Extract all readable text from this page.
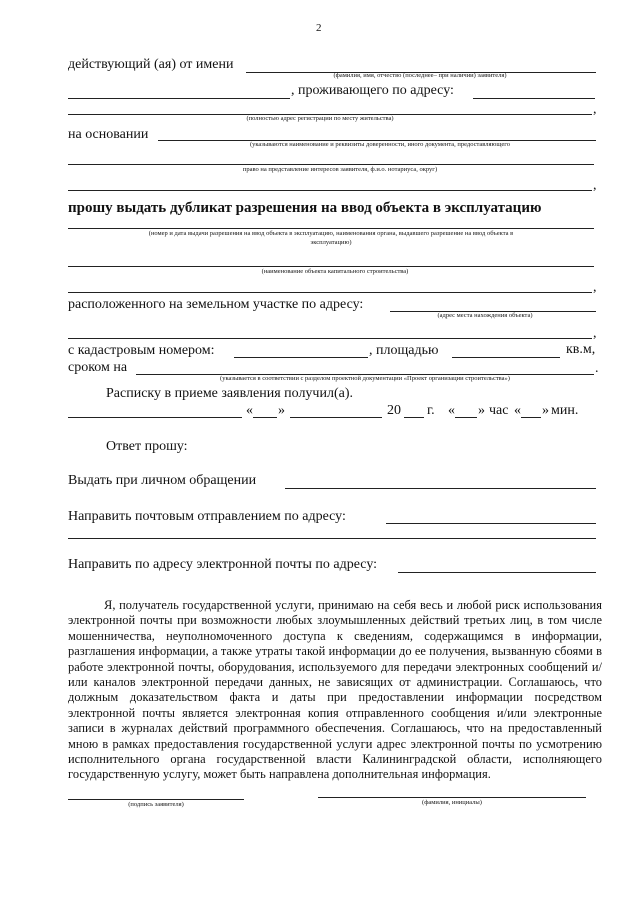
2
действующий (ая) от имени
(фамилия, имя, отчество (последнее– при наличии) заявителя)
, проживающего по адресу:
,
(полностью адрес регистрации по месту жительства)
на основании
(указываются наименование и реквизиты доверенности, иного документа, предоставляющего
право на представление интересов заявителя, ф.и.о. нотариуса, округ)
,
прошу выдать дубликат разрешения на ввод объекта в эксплуатацию
(номер и дата выдачи разрешения на ввод объекта в эксплуатацию, наименования органа, выдавшего разрешение на ввод объекта в
эксплуатацию)
(наименование объекта капитального строительства)
,
расположенного на земельном участке по адресу:
(адрес места нахождения объекта)
,
с кадастровым номером:	, площадью	кв.м,
сроком на	.
(указывается в соответствии с разделом проектной документации «Проект организации строительства»)
Расписку в приеме заявления получил(а).
« »	20 г. « » час « » мин.
Ответ прошу:
Выдать при личном обращении
Направить почтовым отправлением по адресу:
Направить по адресу электронной почты по адресу:

Я, получатель государственной услуги, принимаю на себя весь и любой риск использования электронной почты при возможности любых злоумышленных действий третьих лиц, в том числе мошенничества, неуполномоченного доступа к сведениям, содержащимся в информации, разглашения информации, а также утраты такой информации до ее получения, вызванную сбоями в работе электронной почты, оборудования, используемого для передачи электронных сообщений и/или каналов электронной передачи данных, не зависящих от администрации. Соглашаюсь, что должным доказательством факта и даты при предоставлении информации посредством электронной почты является электронная копия отправленного сообщения и/или электронные записи в журналах действий программного обеспечения. Соглашаюсь, что на предоставленный мною в рамках предоставления государственной услуги адрес электронной почты по усмотрению исполнительного органа государственной власти Калининградской области, исполняющего государственную услугу, может быть направлена дополнительная информация.

(подпись заявителя)	(фамилия, инициалы)
